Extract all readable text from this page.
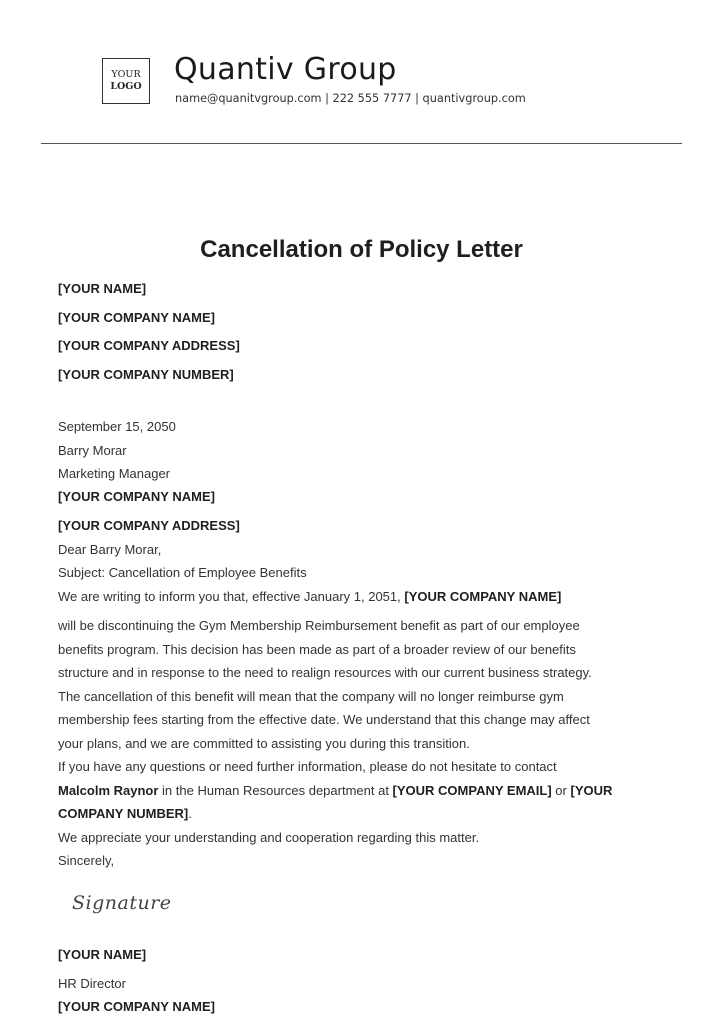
YOUR
LOGO Quantiv Group
name@quanitvgroup.com | 222 555 7777 | quantivgroup.com
Cancellation of Policy Letter
[YOUR NAME]
[YOUR COMPANY NAME]
[YOUR COMPANY ADDRESS]
[YOUR COMPANY NUMBER]
September 15, 2050
Barry Morar
Marketing Manager
[YOUR COMPANY NAME]
[YOUR COMPANY ADDRESS]
Dear Barry Morar,
Subject: Cancellation of Employee Benefits
We are writing to inform you that, effective January 1, 2051, [YOUR COMPANY NAME]
will be discontinuing the Gym Membership Reimbursement benefit as part of our employee
benefits program. This decision has been made as part of a broader review of our benefits
structure and in response to the need to realign resources with our current business strategy.
The cancellation of this benefit will mean that the company will no longer reimburse gym
membership fees starting from the effective date. We understand that this change may affect
your plans, and we are committed to assisting you during this transition.
If you have any questions or need further information, please do not hesitate to contact
Malcolm Raynor in the Human Resources department at [YOUR COMPANY EMAIL] or [YOUR
COMPANY NUMBER].
We appreciate your understanding and cooperation regarding this matter.
Sincerely,
Signature
[YOUR NAME]
HR Director
[YOUR COMPANY NAME]
